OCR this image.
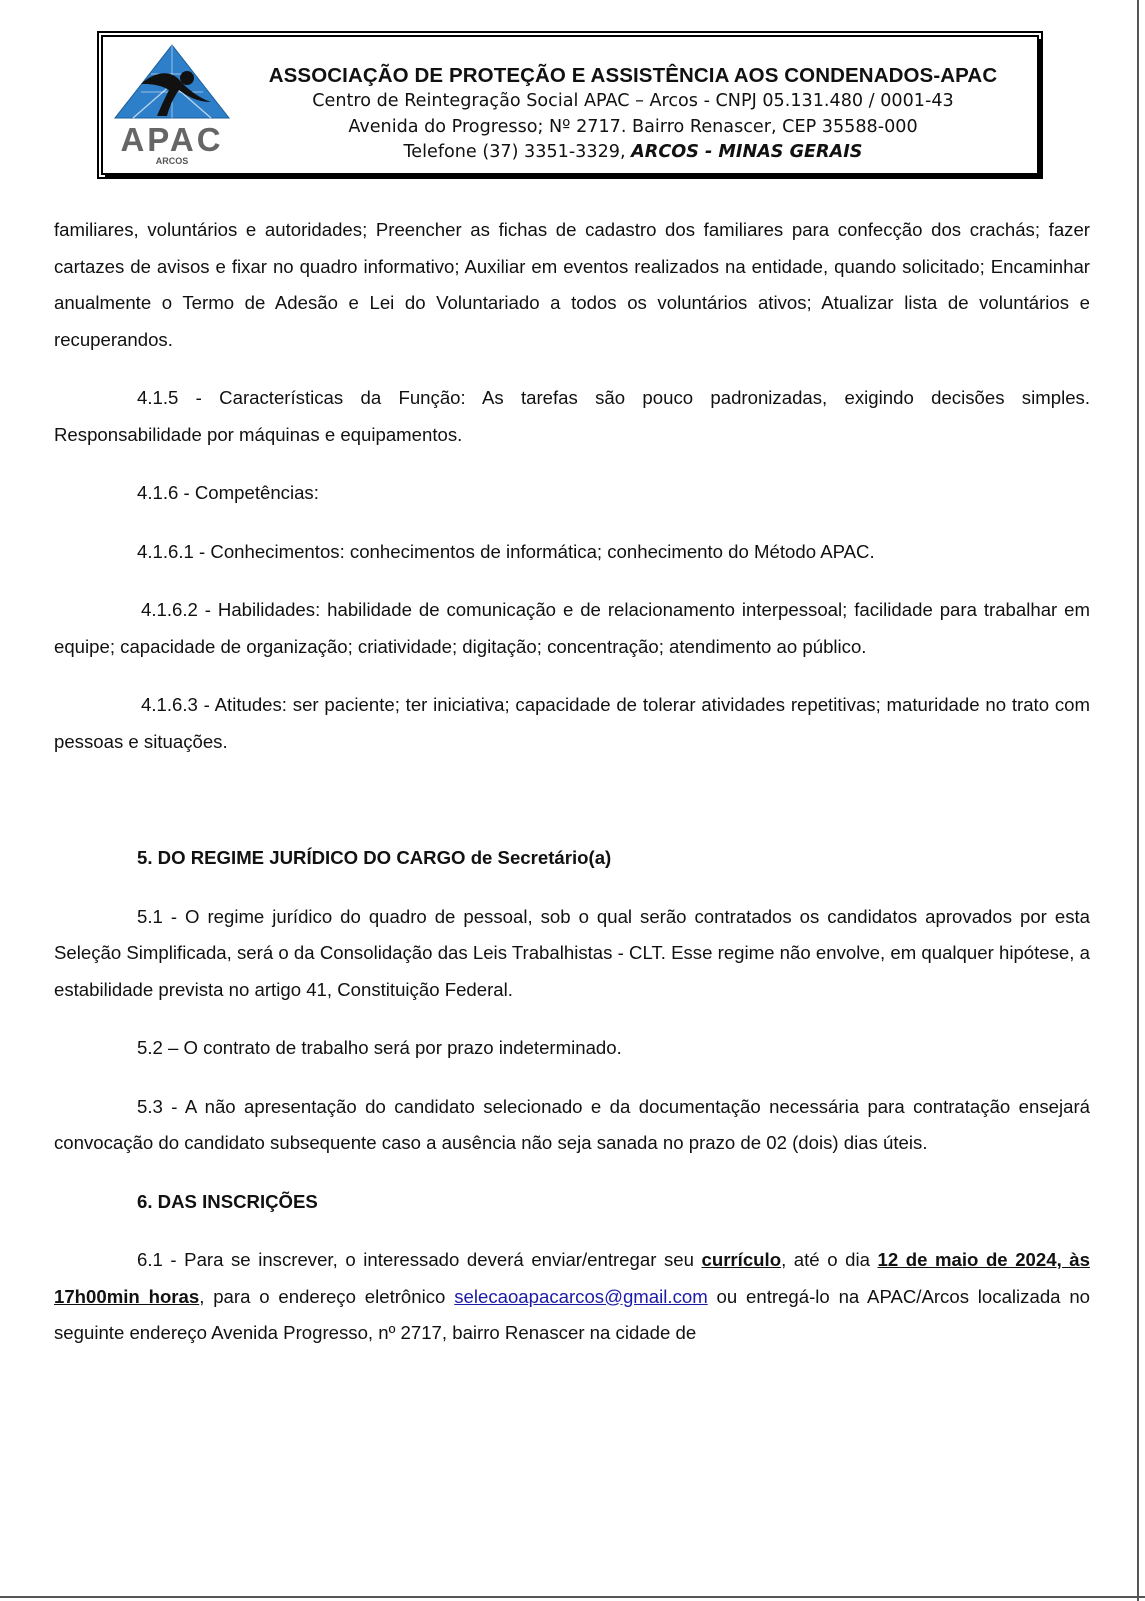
APAC
ARCOS
ASSOCIAÇÃO DE PROTEÇÃO E ASSISTÊNCIA AOS CONDENADOS-APAC
Centro de Reintegração Social APAC – Arcos - CNPJ 05.131.480 / 0001-43
Avenida do Progresso; Nº 2717. Bairro Renascer, CEP 35588-000
Telefone (37) 3351-3329, ARCOS - MINAS GERAIS

familiares, voluntários e autoridades; Preencher as fichas de cadastro dos familiares para confecção dos crachás; fazer cartazes de avisos e fixar no quadro informativo; Auxiliar em eventos realizados na entidade, quando solicitado; Encaminhar anualmente o Termo de Adesão e Lei do Voluntariado a todos os voluntários ativos; Atualizar lista de voluntários e recuperandos.

4.1.5 - Características da Função: As tarefas são pouco padronizadas, exigindo decisões simples. Responsabilidade por máquinas e equipamentos.

4.1.6 - Competências:

4.1.6.1 - Conhecimentos: conhecimentos de informática; conhecimento do Método APAC.

4.1.6.2 - Habilidades: habilidade de comunicação e de relacionamento interpessoal; facilidade para trabalhar em equipe; capacidade de organização; criatividade; digitação; concentração; atendimento ao público.

4.1.6.3 - Atitudes: ser paciente; ter iniciativa; capacidade de tolerar atividades repetitivas; maturidade no trato com pessoas e situações.

5. DO REGIME JURÍDICO DO CARGO de Secretário(a)

5.1 - O regime jurídico do quadro de pessoal, sob o qual serão contratados os candidatos aprovados por esta Seleção Simplificada, será o da Consolidação das Leis Trabalhistas - CLT. Esse regime não envolve, em qualquer hipótese, a estabilidade prevista no artigo 41, Constituição Federal.

5.2 – O contrato de trabalho será por prazo indeterminado.

5.3 - A não apresentação do candidato selecionado e da documentação necessária para contratação ensejará convocação do candidato subsequente caso a ausência não seja sanada no prazo de 02 (dois) dias úteis.

6. DAS INSCRIÇÕES

6.1 - Para se inscrever, o interessado deverá enviar/entregar seu currículo, até o dia 12 de maio de 2024, às 17h00min horas, para o endereço eletrônico selecaoapacarcos@gmail.com ou entregá-lo na APAC/Arcos localizada no seguinte endereço Avenida Progresso, nº 2717, bairro Renascer na cidade de
